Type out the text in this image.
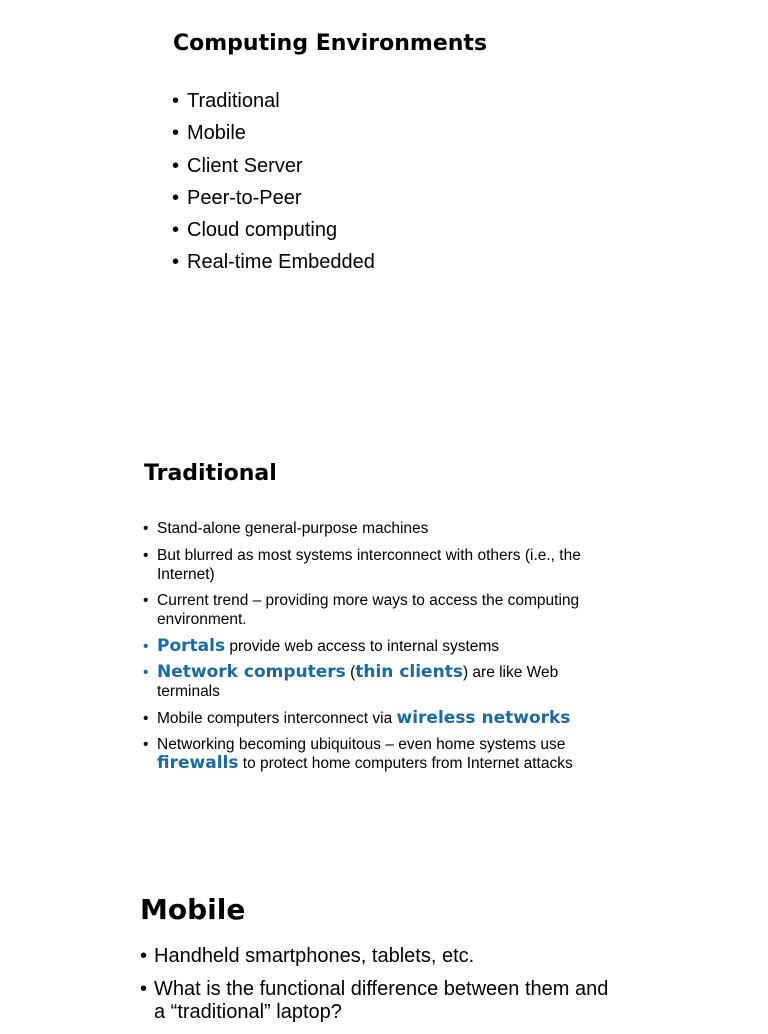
Computing Environments
• Traditional
• Mobile
• Client Server
• Peer-to-Peer
• Cloud computing
• Real-time Embedded
Traditional
• Stand-alone general-purpose machines
• But blurred as most systems interconnect with others (i.e., the Internet)
• Current trend – providing more ways to access the computing environment.
• Portals provide web access to internal systems
• Network computers (thin clients) are like Web terminals
• Mobile computers interconnect via wireless networks
• Networking becoming ubiquitous – even home systems use firewalls to protect home computers from Internet attacks
Mobile
• Handheld smartphones, tablets, etc.
• What is the functional difference between them and a “traditional” laptop?
